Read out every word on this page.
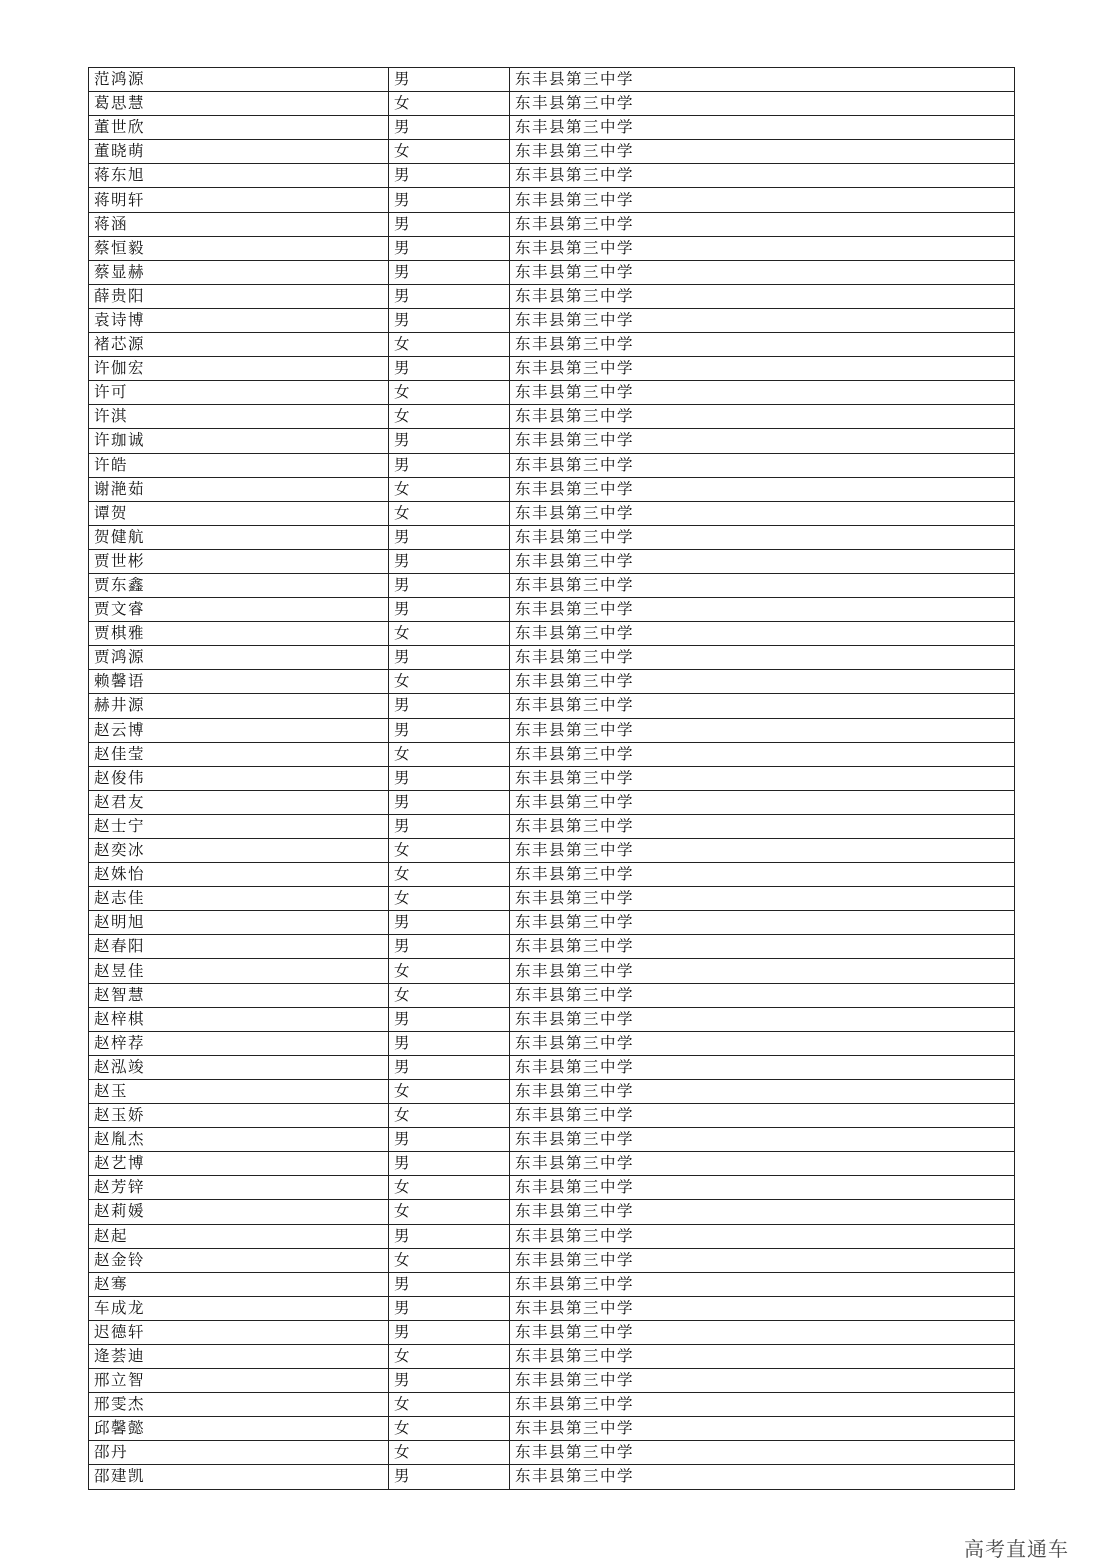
范鸿源	男	东丰县第三中学
葛思慧	女	东丰县第三中学
董世欣	男	东丰县第三中学
董晓萌	女	东丰县第三中学
蒋东旭	男	东丰县第三中学
蒋明轩	男	东丰县第三中学
蒋涵	男	东丰县第三中学
蔡恒毅	男	东丰县第三中学
蔡显赫	男	东丰县第三中学
薛贵阳	男	东丰县第三中学
袁诗博	男	东丰县第三中学
褚芯源	女	东丰县第三中学
许伽宏	男	东丰县第三中学
许可	女	东丰县第三中学
许淇	女	东丰县第三中学
许珈诚	男	东丰县第三中学
许皓	男	东丰县第三中学
谢滟茹	女	东丰县第三中学
谭贺	女	东丰县第三中学
贺健航	男	东丰县第三中学
贾世彬	男	东丰县第三中学
贾东鑫	男	东丰县第三中学
贾文睿	男	东丰县第三中学
贾棋雅	女	东丰县第三中学
贾鸿源	男	东丰县第三中学
赖馨语	女	东丰县第三中学
赫井源	男	东丰县第三中学
赵云博	男	东丰县第三中学
赵佳莹	女	东丰县第三中学
赵俊伟	男	东丰县第三中学
赵君友	男	东丰县第三中学
赵士宁	男	东丰县第三中学
赵奕冰	女	东丰县第三中学
赵姝怡	女	东丰县第三中学
赵志佳	女	东丰县第三中学
赵明旭	男	东丰县第三中学
赵春阳	男	东丰县第三中学
赵昱佳	女	东丰县第三中学
赵智慧	女	东丰县第三中学
赵梓棋	男	东丰县第三中学
赵梓荐	男	东丰县第三中学
赵泓竣	男	东丰县第三中学
赵玉	女	东丰县第三中学
赵玉娇	女	东丰县第三中学
赵胤杰	男	东丰县第三中学
赵艺博	男	东丰县第三中学
赵芳锌	女	东丰县第三中学
赵莉媛	女	东丰县第三中学
赵起	男	东丰县第三中学
赵金铃	女	东丰县第三中学
赵骞	男	东丰县第三中学
车成龙	男	东丰县第三中学
迟德轩	男	东丰县第三中学
逄荟迪	女	东丰县第三中学
邢立智	男	东丰县第三中学
邢雯杰	女	东丰县第三中学
邱馨懿	女	东丰县第三中学
邵丹	女	东丰县第三中学
邵建凯	男	东丰县第三中学
高考直通车
